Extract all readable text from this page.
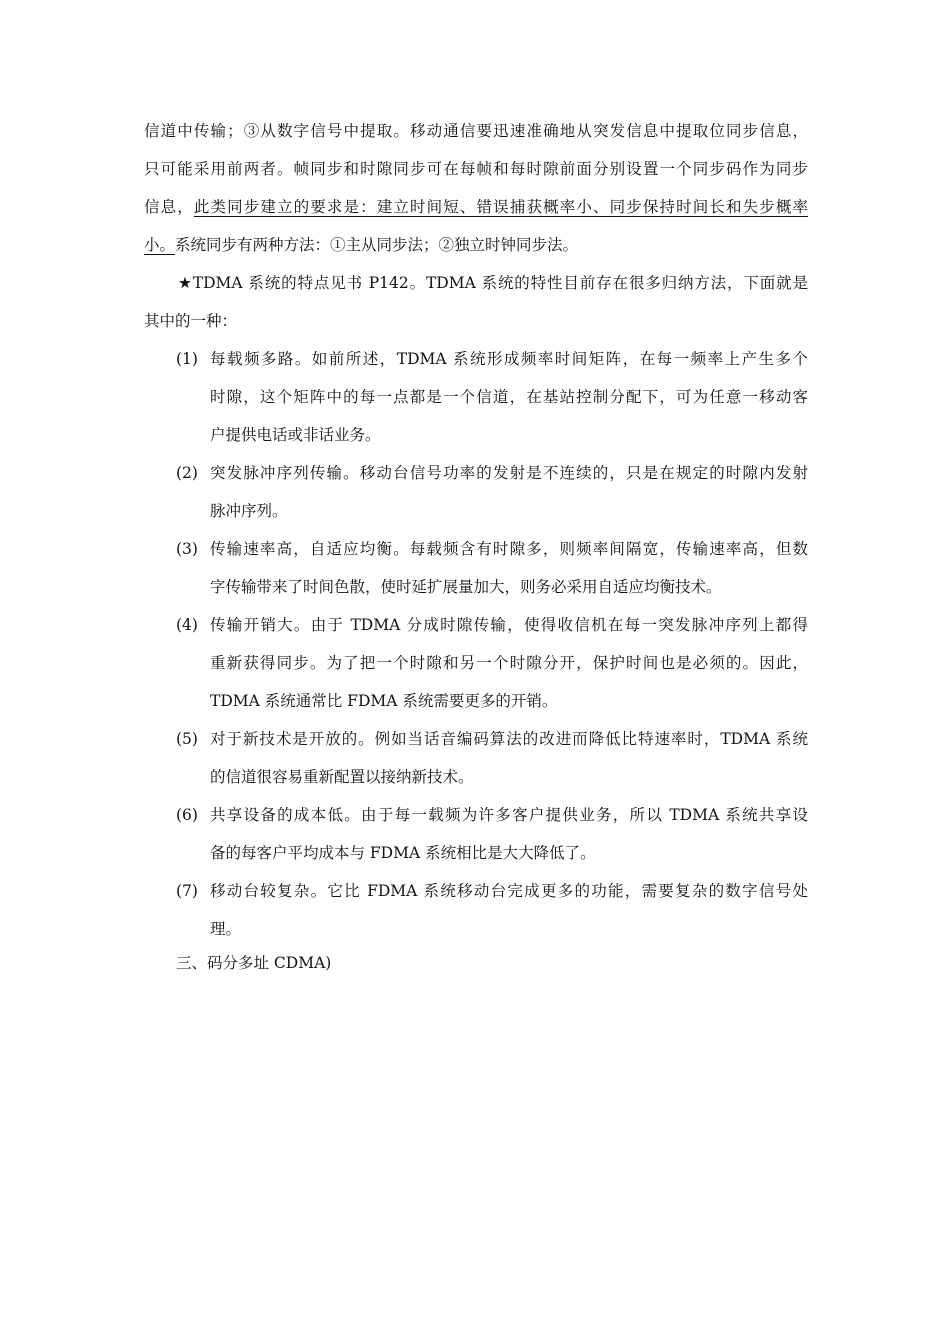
信道中传输；③从数字信号中提取。移动通信要迅速准确地从突发信息中提取位同步信息，
只可能采用前两者。帧同步和时隙同步可在每帧和每时隙前面分别设置一个同步码作为同步
信息，此类同步建立的要求是：建立时间短、错误捕获概率小、同步保持时间长和失步概率
小。系统同步有两种方法：①主从同步法；②独立时钟同步法。
★TDMA 系统的特点见书 P142。TDMA 系统的特性目前存在很多归纳方法，下面就是
其中的一种：
(1) 每载频多路。如前所述，TDMA 系统形成频率时间矩阵，在每一频率上产生多个
时隙，这个矩阵中的每一点都是一个信道，在基站控制分配下，可为任意一移动客
户提供电话或非话业务。
(2) 突发脉冲序列传输。移动台信号功率的发射是不连续的，只是在规定的时隙内发射
脉冲序列。
(3) 传输速率高，自适应均衡。每载频含有时隙多，则频率间隔宽，传输速率高，但数
字传输带来了时间色散，使时延扩展量加大，则务必采用自适应均衡技术。
(4) 传输开销大。由于 TDMA 分成时隙传输，使得收信机在每一突发脉冲序列上都得
重新获得同步。为了把一个时隙和另一个时隙分开，保护时间也是必须的。因此，
TDMA 系统通常比 FDMA 系统需要更多的开销。
(5) 对于新技术是开放的。例如当话音编码算法的改进而降低比特速率时，TDMA 系统
的信道很容易重新配置以接纳新技术。
(6) 共享设备的成本低。由于每一载频为许多客户提供业务，所以 TDMA 系统共享设
备的每客户平均成本与 FDMA 系统相比是大大降低了。
(7) 移动台较复杂。它比 FDMA 系统移动台完成更多的功能，需要复杂的数字信号处
理。
三、码分多址 CDMA)
